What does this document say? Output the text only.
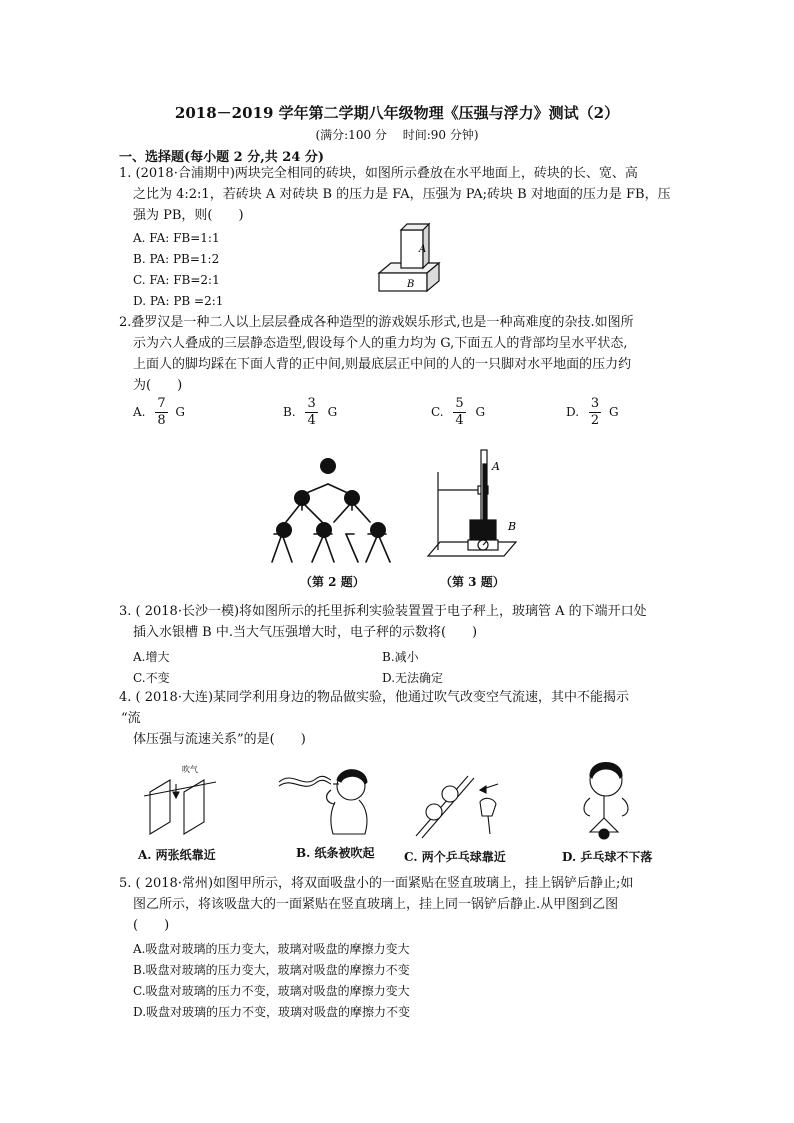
2018－2019 学年第二学期八年级物理《压强与浮力》测试（2）
(满分:100 分　 时间:90 分钟)
一、选择题(每小题 2 分,共 24 分)
1. (2018·合浦期中)两块完全相同的砖块，如图所示叠放在水平地面上，砖块的长、宽、高
之比为 4:2:1，若砖块 A 对砖块 B 的压力是 FA，压强为 PA;砖块 B 对地面的压力是 FB，压
强为 PB，则(　　)
A. FA: FB=1:1
B. PA: PB=1:2
C. FA: FB=2:1
D. PA: PB =2:1
A
B
2.叠罗汉是一种二人以上层层叠成各种造型的游戏娱乐形式,也是一种高难度的杂技.如图所
示为六人叠成的三层静态造型,假设每个人的重力均为 G,下面五人的背部均呈水平状态,
上面人的脚均踩在下面人背的正中间,则最底层正中间的人的一只脚对水平地面的压力约
为(　　)
A. $\frac{7}{8}$ G	B. $\frac{3}{4}$ G	C. $\frac{5}{4}$ G	D. $\frac{3}{2}$ G
（第 2 题）
A
B
（第 3 题）
3. ( 2018·长沙一模)将如图所示的托里拆利实验装置置于电子秤上，玻璃管 A 的下端开口处
插入水银槽 B 中.当大气压强增大时，电子秤的示数将(　　)
A.增大	B.减小
C.不变	D.无法确定
4. ( 2018·大连)某同学利用身边的物品做实验，他通过吹气改变空气流速，其中不能揭示
“流
体压强与流速关系”的是(　　)
吹气
A. 两张纸靠近	B. 纸条被吹起 C. 两个乒乓球靠近	D. 乒乓球不下落
5. ( 2018·常州)如图甲所示，将双面吸盘小的一面紧贴在竖直玻璃上，挂上锅铲后静止;如
图乙所示，将该吸盘大的一面紧贴在竖直玻璃上，挂上同一锅铲后静止.从甲图到乙图
(　　)
A.吸盘对玻璃的压力变大，玻璃对吸盘的摩擦力变大
B.吸盘对玻璃的压力变大，玻璃对吸盘的摩擦力不变
C.吸盘对玻璃的压力不变，玻璃对吸盘的摩擦力变大
D.吸盘对玻璃的压力不变，玻璃对吸盘的摩擦力不变
